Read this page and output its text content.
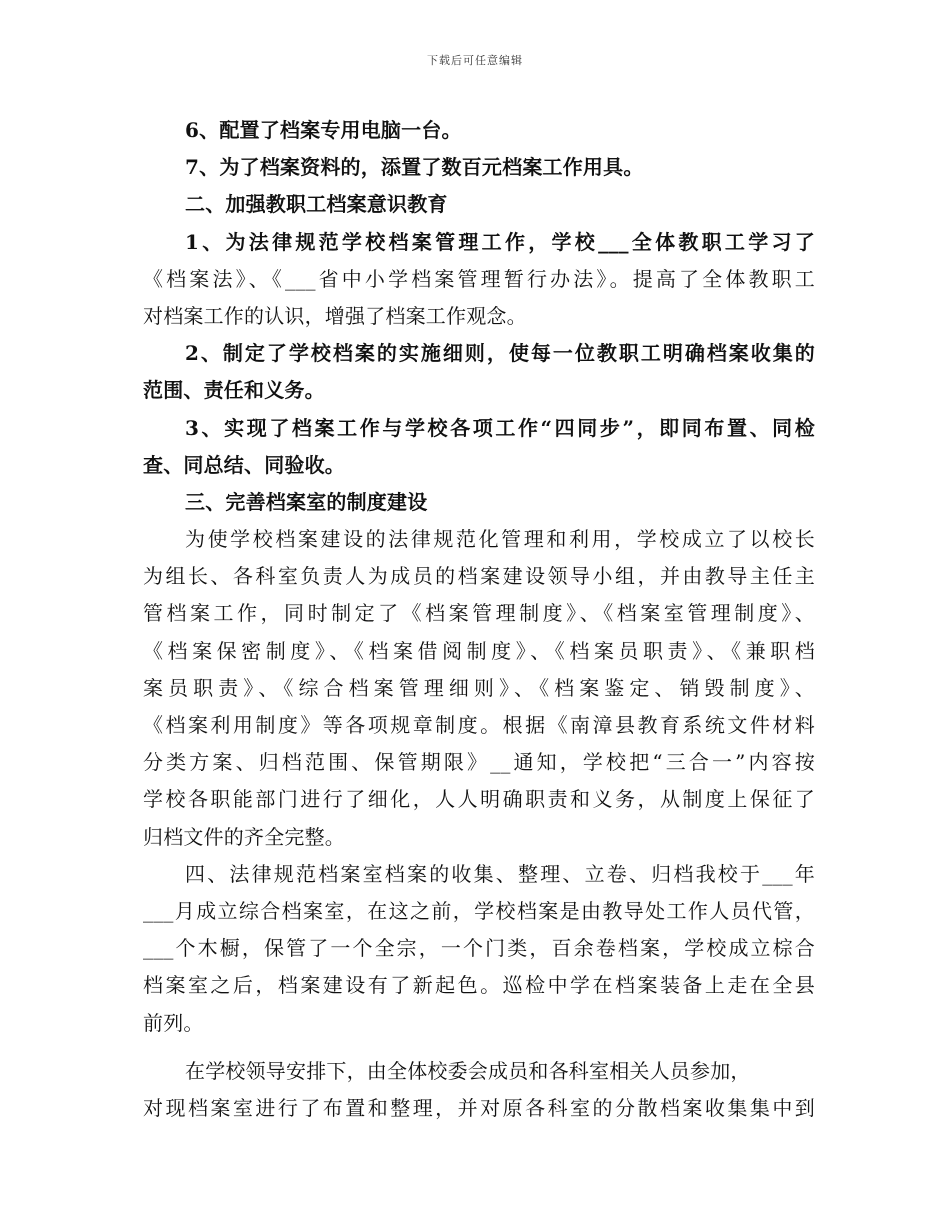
下载后可任意编辑
6、配置了档案专用电脑一台。
7、为了档案资料的，添置了数百元档案工作用具。
二、加强教职工档案意识教育
1、为法律规范学校档案管理工作，学校___全体教职工学习了
《档案法》、《___省中小学档案管理暂行办法》。提高了全体教职工
对档案工作的认识，增强了档案工作观念。
2、制定了学校档案的实施细则，使每一位教职工明确档案收集的
范围、责任和义务。
3、实现了档案工作与学校各项工作“四同步”，即同布置、同检
查、同总结、同验收。
三、完善档案室的制度建设
为使学校档案建设的法律规范化管理和利用，学校成立了以校长
为组长、各科室负责人为成员的档案建设领导小组，并由教导主任主
管档案工作，同时制定了《档案管理制度》、《档案室管理制度》、
《档案保密制度》、《档案借阅制度》、《档案员职责》、《兼职档
案员职责》、《综合档案管理细则》、《档案鉴定、销毁制度》、
《档案利用制度》等各项规章制度。根据《南漳县教育系统文件材料
分类方案、归档范围、保管期限》__通知，学校把“三合一”内容按
学校各职能部门进行了细化，人人明确职责和义务，从制度上保征了
归档文件的齐全完整。
四、法律规范档案室档案的收集、整理、立卷、归档我校于___年
___月成立综合档案室，在这之前，学校档案是由教导处工作人员代管，
___个木橱，保管了一个全宗，一个门类，百余卷档案，学校成立棕合
档案室之后，档案建设有了新起色。巡检中学在档案装备上走在全县
前列。
在学校领导安排下，由全体校委会成员和各科室相关人员参加，
对现档案室进行了布置和整理，并对原各科室的分散档案收集集中到
